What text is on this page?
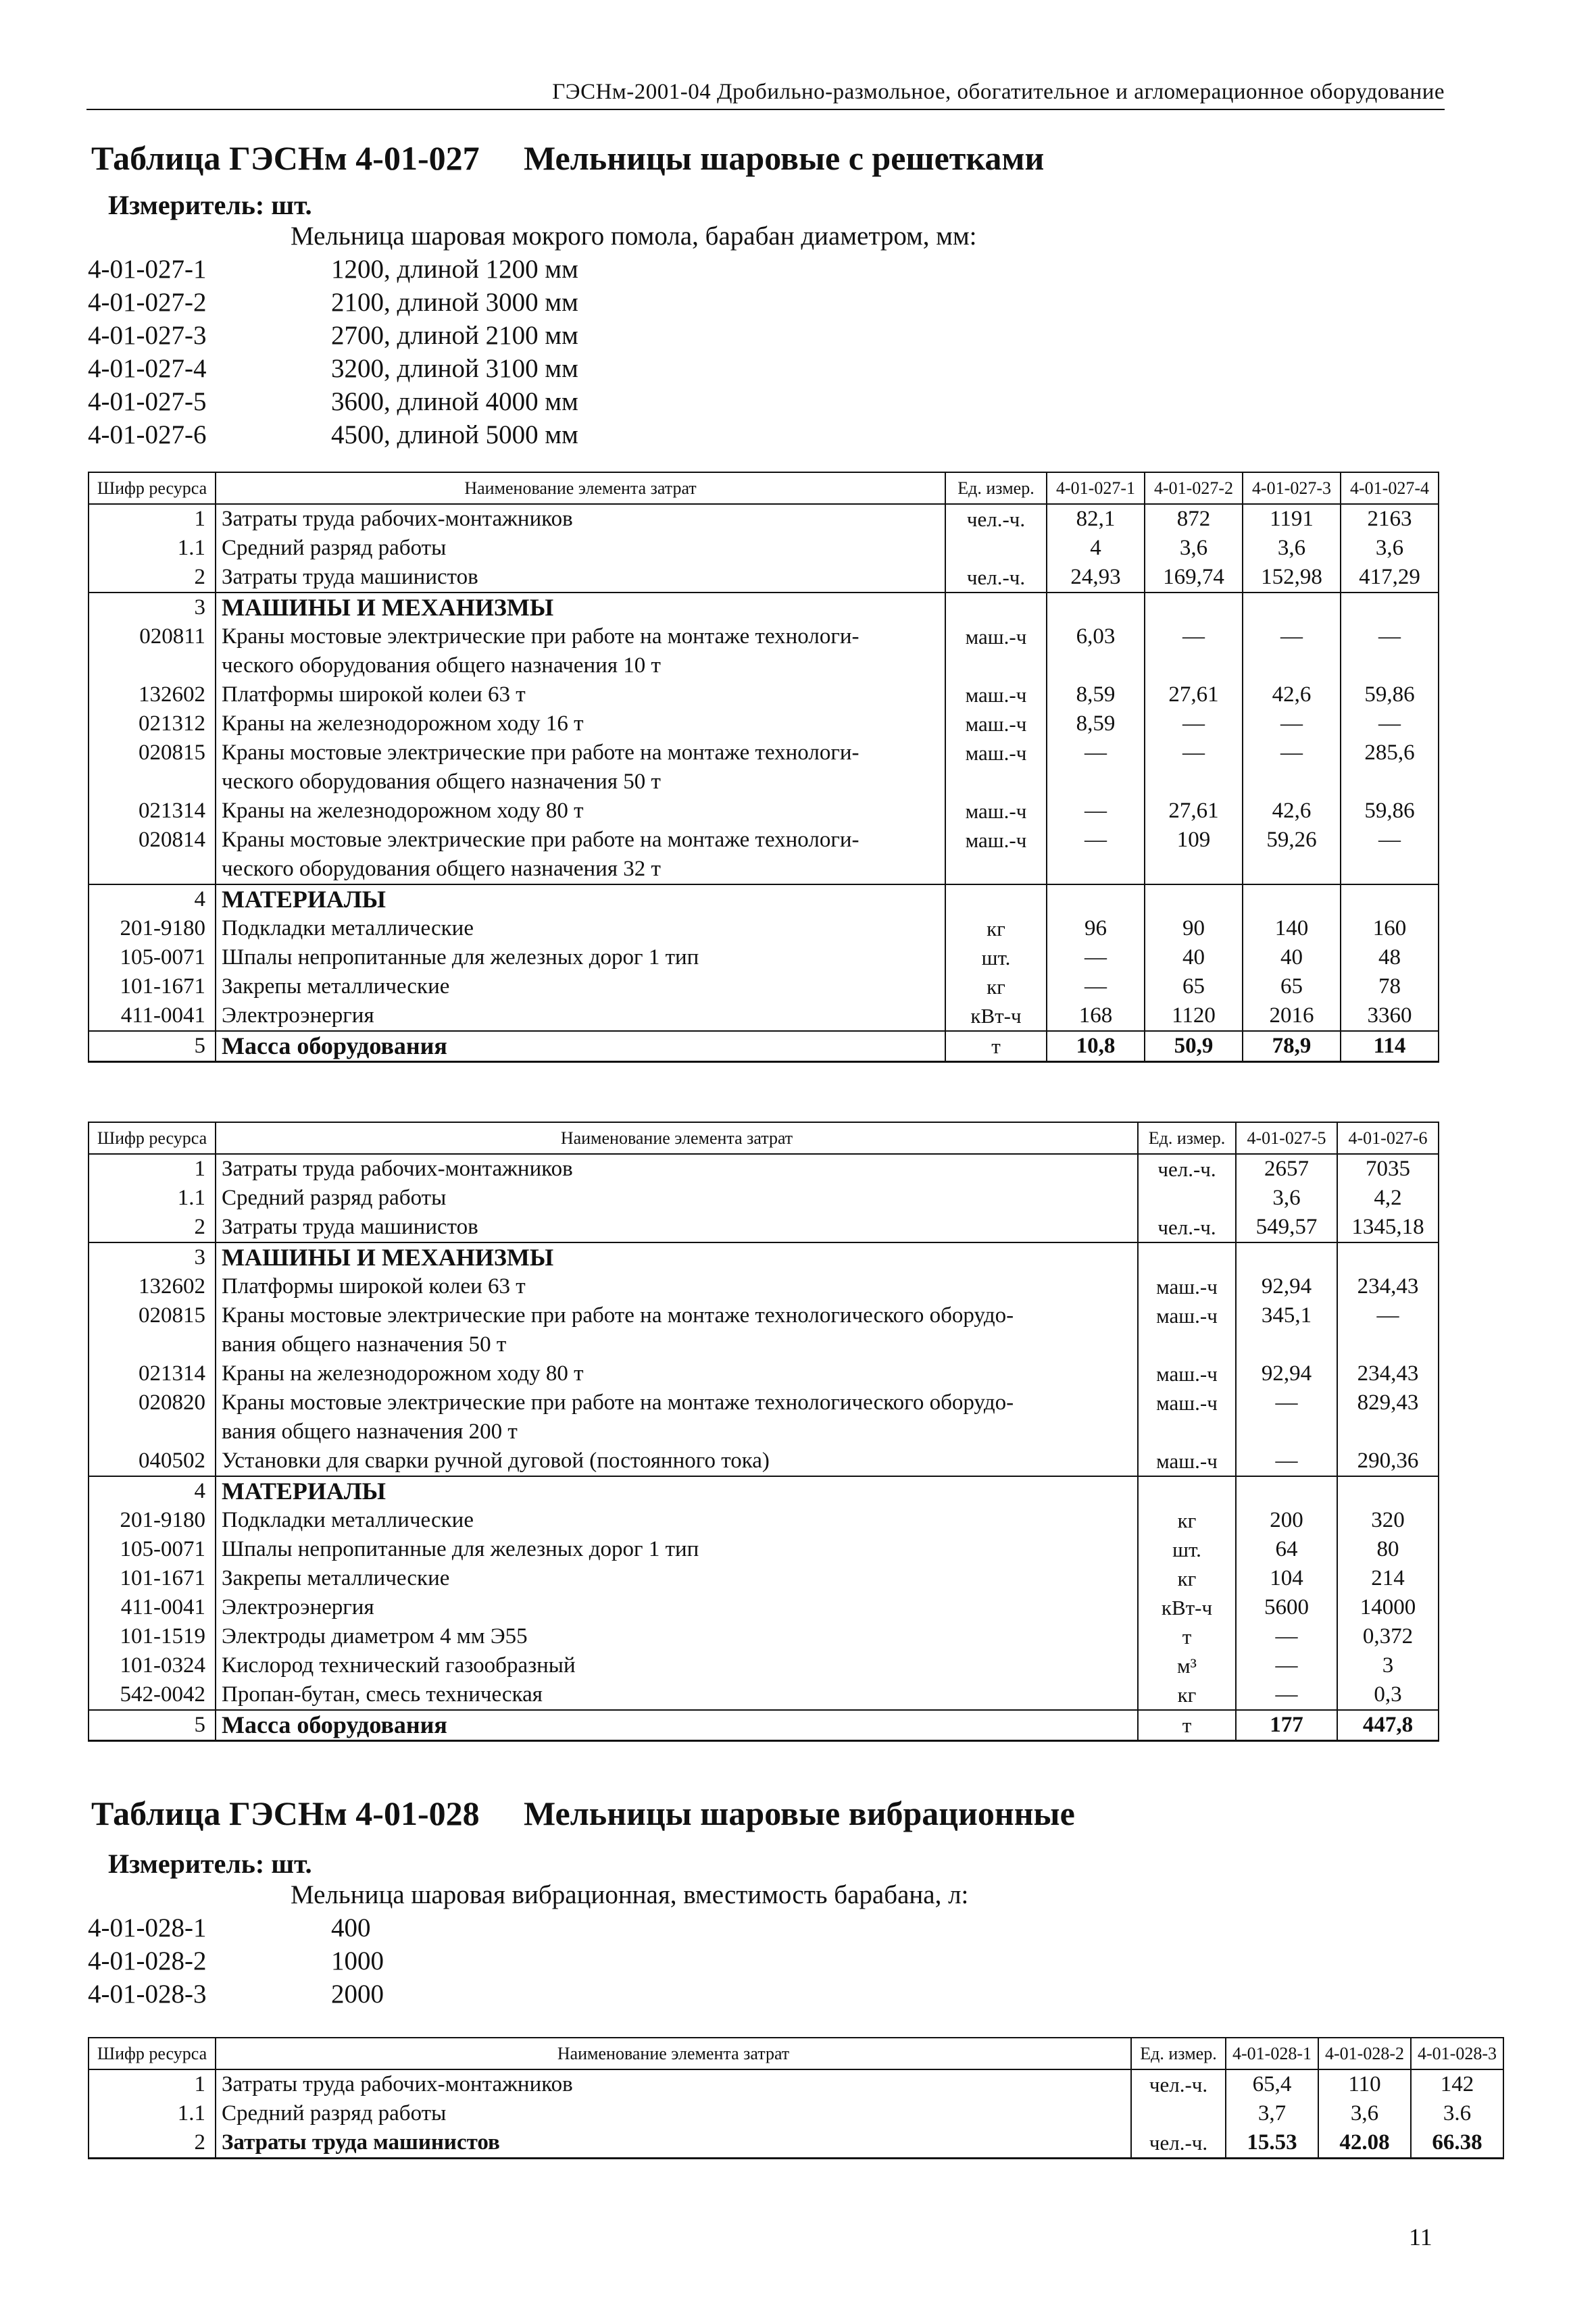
ГЭСНм-2001-04 Дробильно-размольное, обогатительное и агломерационное оборудование
Таблица ГЭСНм 4-01-027 Мельницы шаровые с решетками
Измеритель: шт.
Мельница шаровая мокрого помола, барабан диаметром, мм:
4-01-027-1	1200, длиной 1200 мм
4-01-027-2	2100, длиной 3000 мм
4-01-027-3	2700, длиной 2100 мм
4-01-027-4	3200, длиной 3100 мм
4-01-027-5	3600, длиной 4000 мм
4-01-027-6	4500, длиной 5000 мм
Шифр ресурса	Наименование элемента затрат	Ед. измер.	4-01-027-1	4-01-027-2	4-01-027-3	4-01-027-4
1	Затраты труда рабочих-монтажников	чел.-ч.	82,1	872	1191	2163
1.1	Средний разряд работы		4	3,6	3,6	3,6
2	Затраты труда машинистов	чел.-ч.	24,93	169,74	152,98	417,29
3	МАШИНЫ И МЕХАНИЗМЫ					
020811	Краны мостовые электрические при работе на монтаже технологи-	маш.-ч	6,03	—	—	—
	ческого оборудования общего назначения 10 т					
132602	Платформы широкой колеи 63 т	маш.-ч	8,59	27,61	42,6	59,86
021312	Краны на железнодорожном ходу 16 т	маш.-ч	8,59	—	—	—
020815	Краны мостовые электрические при работе на монтаже технологи-	маш.-ч	—	—	—	285,6
	ческого оборудования общего назначения 50 т					
021314	Краны на железнодорожном ходу 80 т	маш.-ч	—	27,61	42,6	59,86
020814	Краны мостовые электрические при работе на монтаже технологи-	маш.-ч	—	109	59,26	—
	ческого оборудования общего назначения 32 т					
4	МАТЕРИАЛЫ					
201-9180	Подкладки металлические	кг	96	90	140	160
105-0071	Шпалы непропитанные для железных дорог 1 тип	шт.	—	40	40	48
101-1671	Закрепы металлические	кг	—	65	65	78
411-0041	Электроэнергия	кВт-ч	168	1120	2016	3360
5	Масса оборудования	т	10,8	50,9	78,9	114
Шифр ресурса	Наименование элемента затрат	Ед. измер.	4-01-027-5	4-01-027-6
1	Затраты труда рабочих-монтажников	чел.-ч.	2657	7035
1.1	Средний разряд работы		3,6	4,2
2	Затраты труда машинистов	чел.-ч.	549,57	1345,18
3	МАШИНЫ И МЕХАНИЗМЫ			
132602	Платформы широкой колеи 63 т	маш.-ч	92,94	234,43
020815	Краны мостовые электрические при работе на монтаже технологического оборудо-	маш.-ч	345,1	—
	вания общего назначения 50 т			
021314	Краны на железнодорожном ходу 80 т	маш.-ч	92,94	234,43
020820	Краны мостовые электрические при работе на монтаже технологического оборудо-	маш.-ч	—	829,43
	вания общего назначения 200 т			
040502	Установки для сварки ручной дуговой (постоянного тока)	маш.-ч	—	290,36
4	МАТЕРИАЛЫ			
201-9180	Подкладки металлические	кг	200	320
105-0071	Шпалы непропитанные для железных дорог 1 тип	шт.	64	80
101-1671	Закрепы металлические	кг	104	214
411-0041	Электроэнергия	кВт-ч	5600	14000
101-1519	Электроды диаметром 4 мм Э55	т	—	0,372
101-0324	Кислород технический газообразный	м³	—	3
542-0042	Пропан-бутан, смесь техническая	кг	—	0,3
5	Масса оборудования	т	177	447,8
Таблица ГЭСНм 4-01-028 Мельницы шаровые вибрационные
Измеритель: шт.
Мельница шаровая вибрационная, вместимость барабана, л:
4-01-028-1	400
4-01-028-2	1000
4-01-028-3	2000
Шифр ресурса	Наименование элемента затрат	Ед. измер.	4-01-028-1	4-01-028-2	4-01-028-3
1	Затраты труда рабочих-монтажников	чел.-ч.	65,4	110	142
1.1	Средний разряд работы		3,7	3,6	3.6
2	Затраты труда машинистов	чел.-ч.	15.53	42.08	66.38
11
